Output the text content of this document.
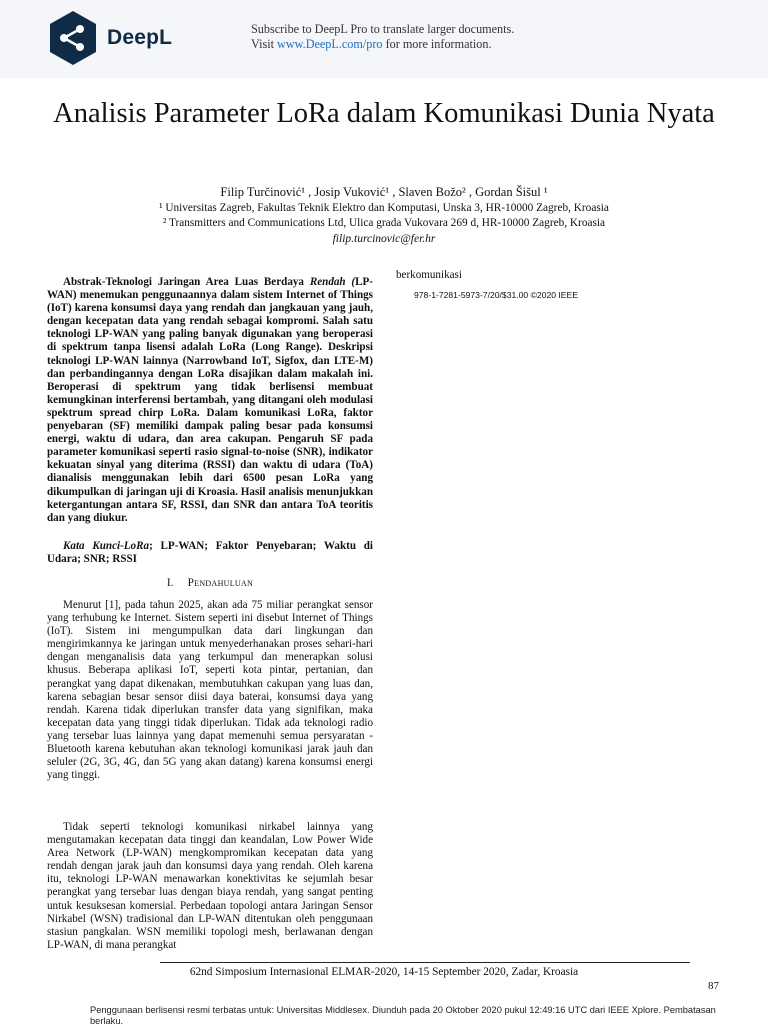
DeepL	Subscribe to DeepL Pro to translate larger documents.
Visit www.DeepL.com/pro for more information.
Analisis Parameter LoRa dalam Komunikasi Dunia Nyata
Filip Turčinović¹ , Josip Vuković¹ , Slaven Božo² , Gordan Šišul ¹
¹ Universitas Zagreb, Fakultas Teknik Elektro dan Komputasi, Unska 3, HR-10000 Zagreb, Kroasia
² Transmitters and Communications Ltd, Ulica grada Vukovara 269 d, HR-10000 Zagreb, Kroasia
filip.turcinovic@fer.hr
Abstrak-Teknologi Jaringan Area Luas Berdaya Rendah (LP-WAN) menemukan penggunaannya dalam sistem Internet of Things (IoT) karena konsumsi daya yang rendah dan jangkauan yang jauh, dengan kecepatan data yang rendah sebagai kompromi. Salah satu teknologi LP-WAN yang paling banyak digunakan yang beroperasi di spektrum tanpa lisensi adalah LoRa (Long Range). Deskripsi teknologi LP-WAN lainnya (Narrowband IoT, Sigfox, dan LTE-M) dan perbandingannya dengan LoRa disajikan dalam makalah ini. Beroperasi di spektrum yang tidak berlisensi membuat kemungkinan interferensi bertambah, yang ditangani oleh modulasi spektrum spread chirp LoRa. Dalam komunikasi LoRa, faktor penyebaran (SF) memiliki dampak paling besar pada konsumsi energi, waktu di udara, dan area cakupan. Pengaruh SF pada parameter komunikasi seperti rasio signal-to-noise (SNR), indikator kekuatan sinyal yang diterima (RSSI) dan waktu di udara (ToA) dianalisis menggunakan lebih dari 6500 pesan LoRa yang dikumpulkan di jaringan uji di Kroasia. Hasil analisis menunjukkan ketergantungan antara SF, RSSI, dan SNR dan antara ToA teoritis dan yang diukur.
Kata Kunci-LoRa; LP-WAN; Faktor Penyebaran; Waktu di Udara; SNR; RSSI
I. Pendahuluan
Menurut [1], pada tahun 2025, akan ada 75 miliar perangkat sensor yang terhubung ke Internet. Sistem seperti ini disebut Internet of Things (IoT). Sistem ini mengumpulkan data dari lingkungan dan mengirimkannya ke jaringan untuk menyederhanakan proses sehari-hari dengan menganalisis data yang terkumpul dan menerapkan solusi khusus. Beberapa aplikasi IoT, seperti kota pintar, pertanian, dan perangkat yang dapat dikenakan, membutuhkan cakupan yang luas dan, karena sebagian besar sensor diisi daya baterai, konsumsi daya yang rendah. Karena tidak diperlukan transfer data yang signifikan, maka kecepatan data yang tinggi tidak diperlukan. Tidak ada teknologi radio yang tersebar luas lainnya yang dapat memenuhi semua persyaratan - Bluetooth karena kebutuhan akan teknologi komunikasi jarak jauh dan seluler (2G, 3G, 4G, dan 5G yang akan datang) karena konsumsi energi yang tinggi.
Tidak seperti teknologi komunikasi nirkabel lainnya yang mengutamakan kecepatan data tinggi dan keandalan, Low Power Wide Area Network (LP-WAN) mengkompromikan kecepatan data yang rendah dengan jarak jauh dan konsumsi daya yang rendah. Oleh karena itu, teknologi LP-WAN menawarkan konektivitas ke sejumlah besar perangkat yang tersebar luas dengan biaya rendah, yang sangat penting untuk kesuksesan komersial. Perbedaan topologi antara Jaringan Sensor Nirkabel (WSN) tradisional dan LP-WAN ditentukan oleh penggunaan stasiun pangkalan. WSN memiliki topologi mesh, berlawanan dengan LP-WAN, di mana perangkat
berkomunikasi
978-1-7281-5973-7/20/$31.00 ©2020 IEEE
62nd Simposium Internasional ELMAR-2020, 14-15 September 2020, Zadar, Kroasia
87
Penggunaan berlisensi resmi terbatas untuk: Universitas Middlesex. Diunduh pada 20 Oktober 2020 pukul 12:49:16 UTC dari IEEE Xplore. Pembatasan berlaku.
